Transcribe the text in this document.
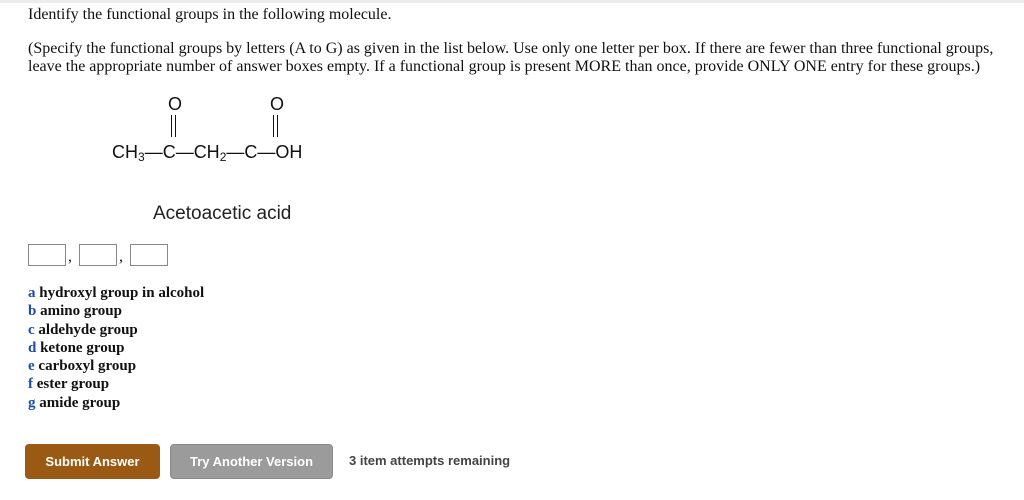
Identify the functional groups in the following molecule.
(Specify the functional groups by letters (A to G) as given in the list below. Use only one letter per box. If there are fewer than three functional groups, leave the appropriate number of answer boxes empty. If a functional group is present MORE than once, provide ONLY ONE entry for these groups.)
O	O
$CH_3—C—CH_2—C—OH$
Acetoacetic acid
,	,
a hydroxyl group in alcohol
b amino group
c aldehyde group
d ketone group
e carboxyl group
f ester group
g amide group
Submit Answer	Try Another Version	3 item attempts remaining
